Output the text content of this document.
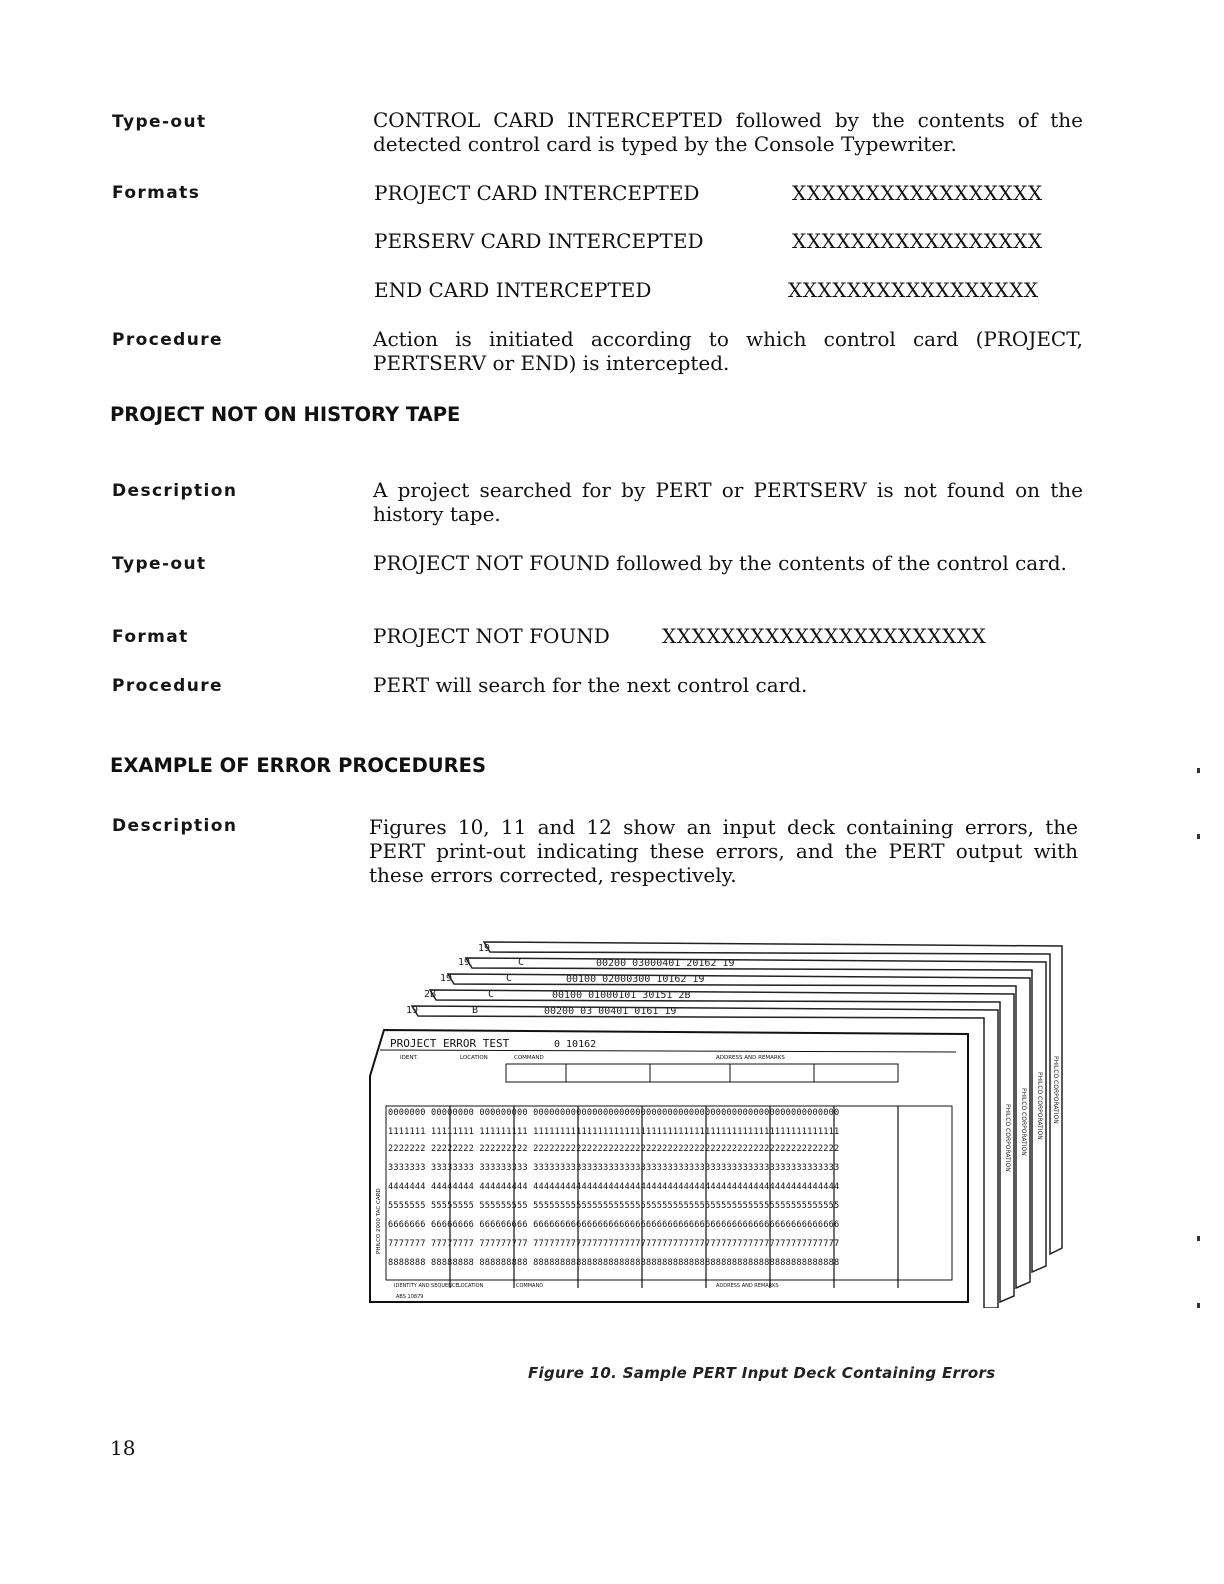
Type-out	CONTROL CARD INTERCEPTED followed by the contents of the detected control card is typed by the Console Typewriter.
Formats	PROJECT CARD INTERCEPTED	XXXXXXXXXXXXXXXXX
PERSERV CARD INTERCEPTED	XXXXXXXXXXXXXXXXX
END CARD INTERCEPTED	XXXXXXXXXXXXXXXXX
Procedure	Action is initiated according to which control card (PROJECT, PERTSERV or END) is intercepted.
PROJECT NOT ON HISTORY TAPE
Description	A project searched for by PERT or PERTSERV is not found on the history tape.
Type-out	PROJECT NOT FOUND followed by the contents of the control card.
Format	PROJECT NOT FOUND	XXXXXXXXXXXXXXXXXXXXXX
Procedure	PERT will search for the next control card.
EXAMPLE OF ERROR PROCEDURES
Description	Figures 10, 11 and 12 show an input deck containing errors, the PERT print-out indicating these errors, and the PERT output with these errors corrected, respectively.
19
00200 03000401 20162 19
19	C
19	C	00100 02000300 10162 19
2B	C	00100 01000101 30151 2B
19	B	00200 03 00401 0161 19
PHILCO CORPORATION
PHILCO CORPORATION
PHILCO CORPORATION
PHILCO CORPORATION
PROJECT ERROR TEST	0 10162
IDENT.	LOCATION	COMMAND	ADDRESS AND REMARKS
0000000 00000000 000000000 000000000000000000000000000000000000000000000000000000000
1111111 11111111 111111111 111111111111111111111111111111111111111111111111111111111
2222222 22222222 222222222 222222222222222222222222222222222222222222222222222222222
3333333 33333333 333333333 333333333333333333333333333333333333333333333333333333333
4444444 44444444 444444444 444444444444444444444444444444444444444444444444444444444
5555555 55555555 555555555 555555555555555555555555555555555555555555555555555555555
6666666 66666666 666666666 666666666666666666666666666666666666666666666666666666666
7777777 77777777 777777777 777777777777777777777777777777777777777777777777777777777
8888888 88888888 888888888 888888888888888888888888888888888888888888888888888888888
PHILCO 2000 TAC CARD
IDENTITY AND SEQUENCE LOCATION	COMMAND	ADDRESS AND REMARKS
ABS 10879
Figure 10. Sample PERT Input Deck Containing Errors
18
